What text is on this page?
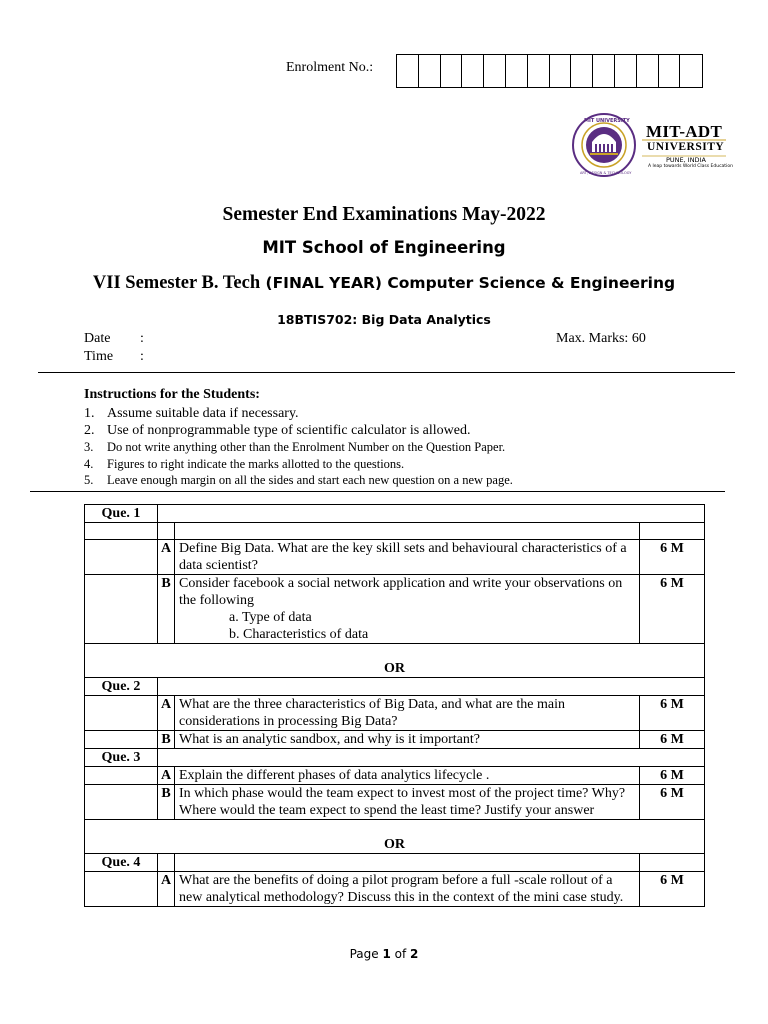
Enrolment No.:
MIT UNIVERSITY
ART, DESIGN & TECHNOLOGY
MIT-ADT
UNIVERSITY
PUNE, INDIA
A leap towards World Class Education
Semester End Examinations May-2022
MIT School of Engineering
VII Semester B. Tech (FINAL YEAR) Computer Science & Engineering
18BTIS702: Big Data Analytics
Date :
Time :
Max. Marks: 60
Instructions for the Students:
1. Assume suitable data if necessary.
2. Use of nonprogrammable type of scientific calculator is allowed.
3.	Do not write anything other than the Enrolment Number on the Question Paper.
4.	Figures to right indicate the marks allotted to the questions.
5.	Leave enough margin on all the sides and start each new question on a new page.
Que. 1			

	A	Define Big Data. What are the key skill sets and behavioural characteristics of a data scientist?	6 M
	B	Consider facebook a social network application and write your observations on the following
a. Type of data
b. Characteristics of data	6 M
OR			
Que. 2			
	A	What are the three characteristics of Big Data, and what are the main considerations in processing Big Data?	6 M
	B	What is an analytic sandbox, and why is it important?	6 M
Que. 3			
	A	Explain the different phases of data analytics lifecycle .	6 M
	B	In which phase would the team expect to invest most of the project time? Why? Where would the team expect to spend the least time? Justify your answer	6 M
OR			
Que. 4			
	A	What are the benefits of doing a pilot program before a full -scale rollout of a new analytical methodology? Discuss this in the context of the mini case study.	6 M
Page 1 of 2
